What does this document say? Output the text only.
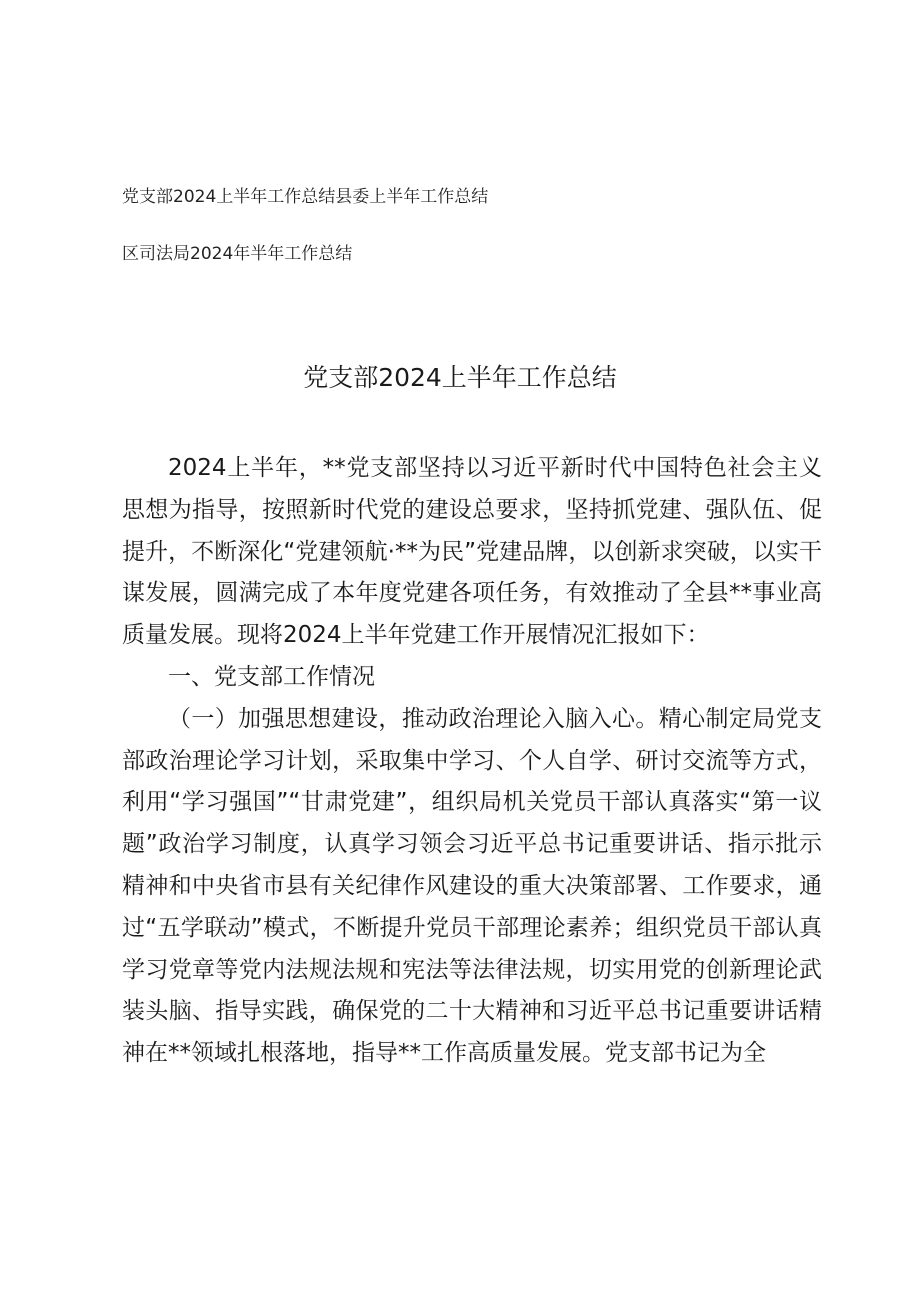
党支部2024上半年工作总结县委上半年工作总结
区司法局2024年半年工作总结
党支部2024上半年工作总结

2024上半年，**党支部坚持以习近平新时代中国特色社会主义思想为指导，按照新时代党的建设总要求，坚持抓党建、强队伍、促提升，不断深化“党建领航·**为民”党建品牌，以创新求突破，以实干谋发展，圆满完成了本年度党建各项任务，有效推动了全县**事业高质量发展。现将2024上半年党建工作开展情况汇报如下：

一、党支部工作情况

（一）加强思想建设，推动政治理论入脑入心。精心制定局党支部政治理论学习计划，采取集中学习、个人自学、研讨交流等方式，利用“学习强国”“甘肃党建”，组织局机关党员干部认真落实“第一议题”政治学习制度，认真学习领会习近平总书记重要讲话、指示批示精神和中央省市县有关纪律作风建设的重大决策部署、工作要求，通过“五学联动”模式，不断提升党员干部理论素养；组织党员干部认真学习党章等党内法规法规和宪法等法律法规，切实用党的创新理论武装头脑、指导实践，确保党的二十大精神和习近平总书记重要讲话精神在**领域扎根落地，指导**工作高质量发展。党支部书记为全
